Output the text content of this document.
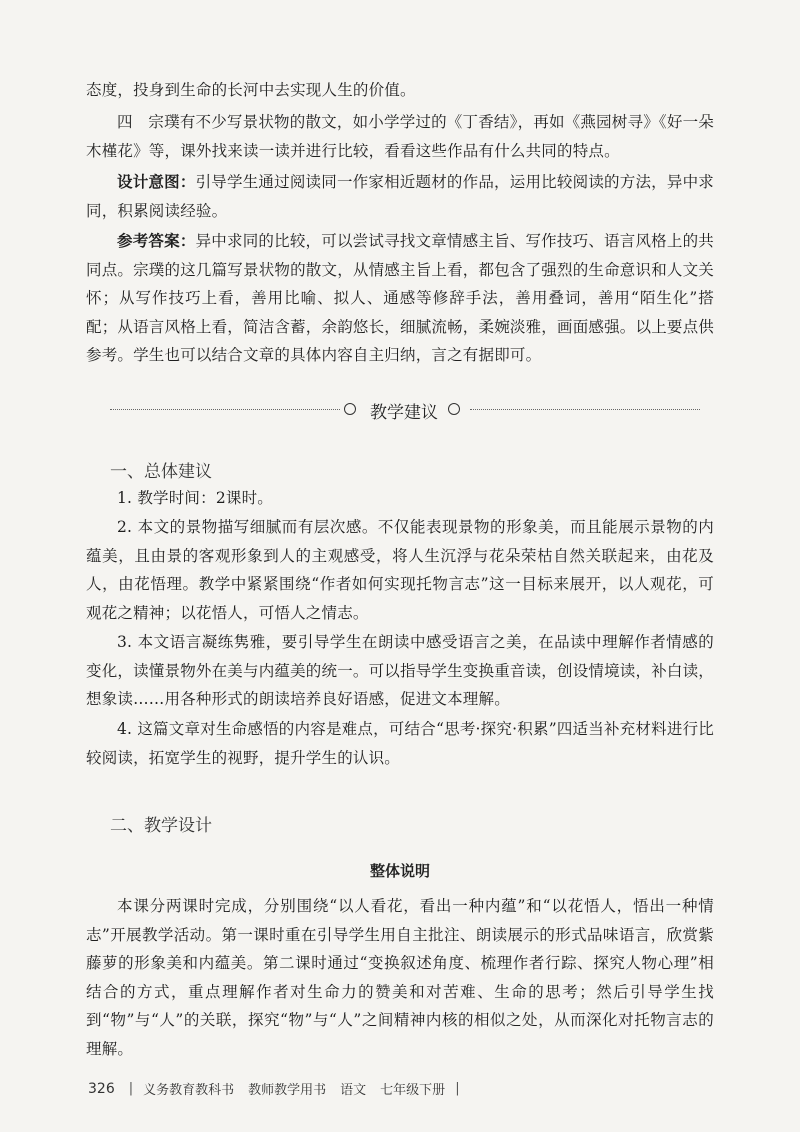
态度，投身到生命的长河中去实现人生的价值。

四　宗璞有不少写景状物的散文，如小学学过的《丁香结》，再如《燕园树寻》《好一朵木槿花》等，课外找来读一读并进行比较，看看这些作品有什么共同的特点。

设计意图：引导学生通过阅读同一作家相近题材的作品，运用比较阅读的方法，异中求同，积累阅读经验。

参考答案：异中求同的比较，可以尝试寻找文章情感主旨、写作技巧、语言风格上的共同点。宗璞的这几篇写景状物的散文，从情感主旨上看，都包含了强烈的生命意识和人文关怀；从写作技巧上看，善用比喻、拟人、通感等修辞手法，善用叠词，善用“陌生化”搭配；从语言风格上看，简洁含蓄，余韵悠长，细腻流畅，柔婉淡雅，画面感强。以上要点供参考。学生也可以结合文章的具体内容自主归纳，言之有据即可。

教学建议
一、总体建议

1. 教学时间：2课时。

2. 本文的景物描写细腻而有层次感。不仅能表现景物的形象美，而且能展示景物的内蕴美，且由景的客观形象到人的主观感受，将人生沉浮与花朵荣枯自然关联起来，由花及人，由花悟理。教学中紧紧围绕“作者如何实现托物言志”这一目标来展开，以人观花，可观花之精神；以花悟人，可悟人之情志。

3. 本文语言凝练隽雅，要引导学生在朗读中感受语言之美，在品读中理解作者情感的变化，读懂景物外在美与内蕴美的统一。可以指导学生变换重音读，创设情境读，补白读，想象读……用各种形式的朗读培养良好语感，促进文本理解。

4. 这篇文章对生命感悟的内容是难点，可结合“思考·探究·积累”四适当补充材料进行比较阅读，拓宽学生的视野，提升学生的认识。

二、教学设计
整体说明

本课分两课时完成，分别围绕“以人看花，看出一种内蕴”和“以花悟人，悟出一种情志”开展教学活动。第一课时重在引导学生用自主批注、朗读展示的形式品味语言，欣赏紫藤萝的形象美和内蕴美。第二课时通过“变换叙述角度、梳理作者行踪、探究人物心理”相结合的方式，重点理解作者对生命力的赞美和对苦难、生命的思考；然后引导学生找到“物”与“人”的关联，探究“物”与“人”之间精神内核的相似之处，从而深化对托物言志的理解。

326 | 义务教育教科书 教师教学用书 语文 七年级下册 |
